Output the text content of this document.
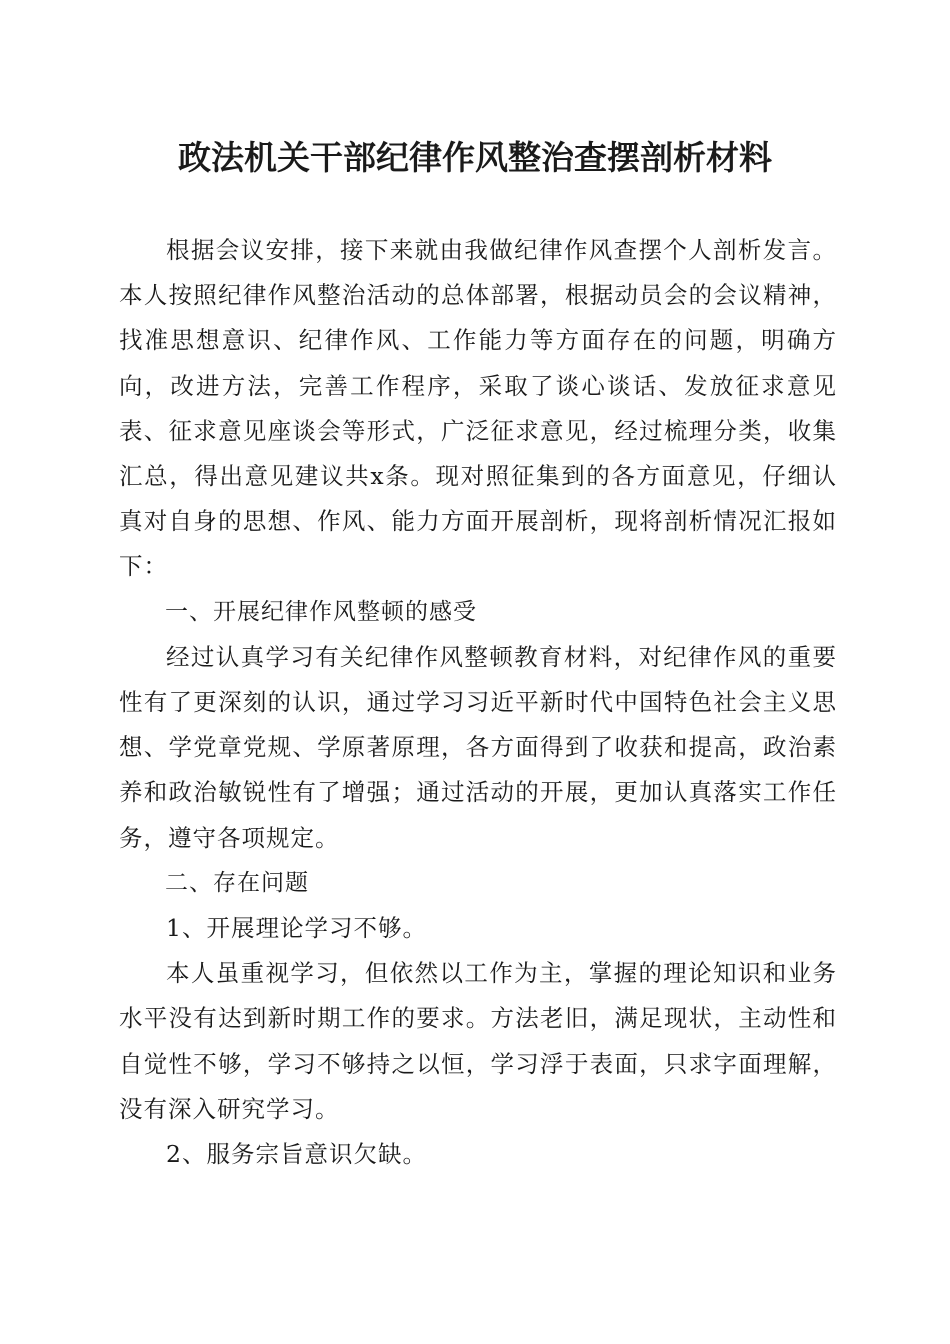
政法机关干部纪律作风整治查摆剖析材料

根据会议安排，接下来就由我做纪律作风查摆个人剖析发言。本人按照纪律作风整治活动的总体部署，根据动员会的会议精神，找准思想意识、纪律作风、工作能力等方面存在的问题，明确方向，改进方法，完善工作程序，采取了谈心谈话、发放征求意见表、征求意见座谈会等形式，广泛征求意见，经过梳理分类，收集汇总，得出意见建议共x条。现对照征集到的各方面意见，仔细认真对自身的思想、作风、能力方面开展剖析，现将剖析情况汇报如下：

一、开展纪律作风整顿的感受

经过认真学习有关纪律作风整顿教育材料，对纪律作风的重要性有了更深刻的认识，通过学习习近平新时代中国特色社会主义思想、学党章党规、学原著原理，各方面得到了收获和提高，政治素养和政治敏锐性有了增强；通过活动的开展，更加认真落实工作任务，遵守各项规定。

二、存在问题

1、开展理论学习不够。

本人虽重视学习，但依然以工作为主，掌握的理论知识和业务水平没有达到新时期工作的要求。方法老旧，满足现状，主动性和自觉性不够，学习不够持之以恒，学习浮于表面，只求字面理解，没有深入研究学习。

2、服务宗旨意识欠缺。
